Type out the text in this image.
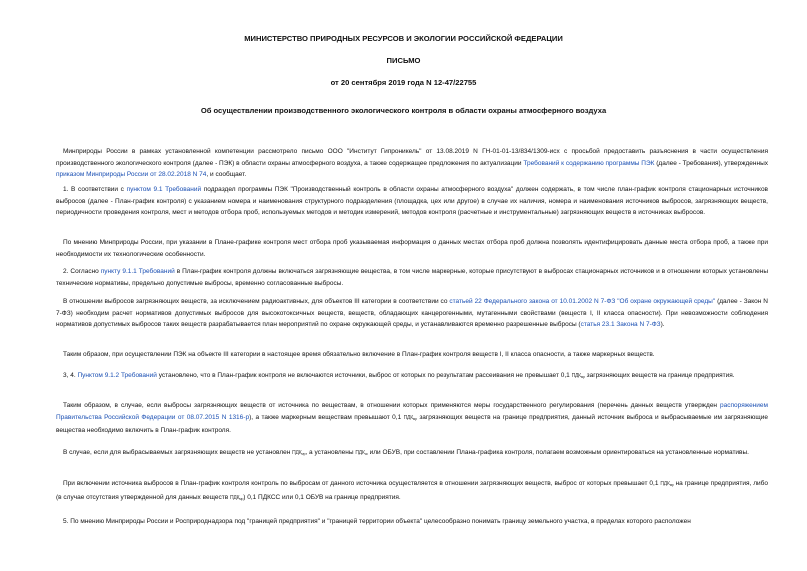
МИНИСТЕРСТВО ПРИРОДНЫХ РЕСУРСОВ И ЭКОЛОГИИ РОССИЙСКОЙ ФЕДЕРАЦИИ
ПИСЬМО
от 20 сентября 2019 года N 12-47/22755
Об осуществлении производственного экологического контроля в области охраны атмосферного воздуха
Минприроды России в рамках установленной компетенции рассмотрело письмо ООО "Институт Гипроникель" от 13.08.2019 N ГН-01-01-13/834/1309-исх с просьбой предоставить разъяснения в части осуществления производственного экологического контроля (далее - ПЭК) в области охраны атмосферного воздуха, а также содержащее предложения по актуализации Требований к содержанию программы ПЭК (далее - Требования), утвержденных приказом Минприроды России от 28.02.2018 N 74, и сообщает.
1. В соответствии с пунктом 9.1 Требований подраздел программы ПЭК "Производственный контроль в области охраны атмосферного воздуха" должен содержать, в том числе план-график контроля стационарных источников выбросов (далее - План-график контроля) с указанием номера и наименования структурного подразделения (площадка, цех или другое) в случае их наличия, номера и наименования источников выбросов, загрязняющих веществ, периодичности проведения контроля, мест и методов отбора проб, используемых методов и методик измерений, методов контроля (расчетные и инструментальные) загрязняющих веществ в источниках выбросов.
По мнению Минприроды России, при указании в Плане-графике контроля мест отбора проб указываемая информация о данных местах отбора проб должна позволять идентифицировать данные места отбора проб, а также при необходимости их технологические особенности.
2. Согласно пункту 9.1.1 Требований в План-график контроля должны включаться загрязняющие вещества, в том числе маркерные, которые присутствуют в выбросах стационарных источников и в отношении которых установлены технические нормативы, предельно допустимые выбросы, временно согласованные выбросы.
В отношении выбросов загрязняющих веществ, за исключением радиоактивных, для объектов III категории в соответствии со статьей 22 Федерального закона от 10.01.2002 N 7-ФЗ "Об охране окружающей среды" (далее - Закон N 7-ФЗ) необходим расчет нормативов допустимых выбросов для высокотоксичных веществ, веществ, обладающих канцерогенными, мутагенными свойствами (веществ I, II класса опасности). При невозможности соблюдения нормативов допустимых выбросов таких веществ разрабатывается план мероприятий по охране окружающей среды, и устанавливаются временно разрешенные выбросы (статья 23.1 Закона N 7-ФЗ).
Таким образом, при осуществлении ПЭК на объекте III категории в настоящее время обязательно включение в План-график контроля веществ I, II класса опасности, а также маркерных веществ.
3, 4. Пунктом 9.1.2 Требований установлено, что в План-график контроля не включаются источники, выброс от которых по результатам рассеивания не превышает 0,1 $ПДК_{мр}$ загрязняющих веществ на границе предприятия.
Таким образом, в случае, если выбросы загрязняющих веществ от источника по веществам, в отношении которых применяются меры государственного регулирования (перечень данных веществ утвержден распоряжением Правительства Российской Федерации от 08.07.2015 N 1316-р), а также маркерным веществам превышают 0,1 $ПДК_{мр}$ загрязняющих веществ на границе предприятия, данный источник выброса и выбрасываемые им загрязняющие вещества необходимо включить в План-график контроля.
В случае, если для выбрасываемых загрязняющих веществ не установлен $ПДК_{мр}$, а установлены $ПДК_{сс}$ или ОБУВ, при составлении Плана-графика контроля, полагаем возможным ориентироваться на установленные нормативы.
При включении источника выбросов в План-график контроля контроль по выбросам от данного источника осуществляется в отношении загрязняющих веществ, выброс от которых превышает 0,1 $ПДК_{мр}$ на границе предприятия, либо (в случае отсутствия утвержденной для данных веществ $ПДК_{мр}$) 0,1 ПДКСС или 0,1 ОБУВ на границе предприятия.
5. По мнению Минприроды России и Росприроднадзора под "границей предприятия" и "границей территории объекта" целесообразно понимать границу земельного участка, в пределах которого расположен
